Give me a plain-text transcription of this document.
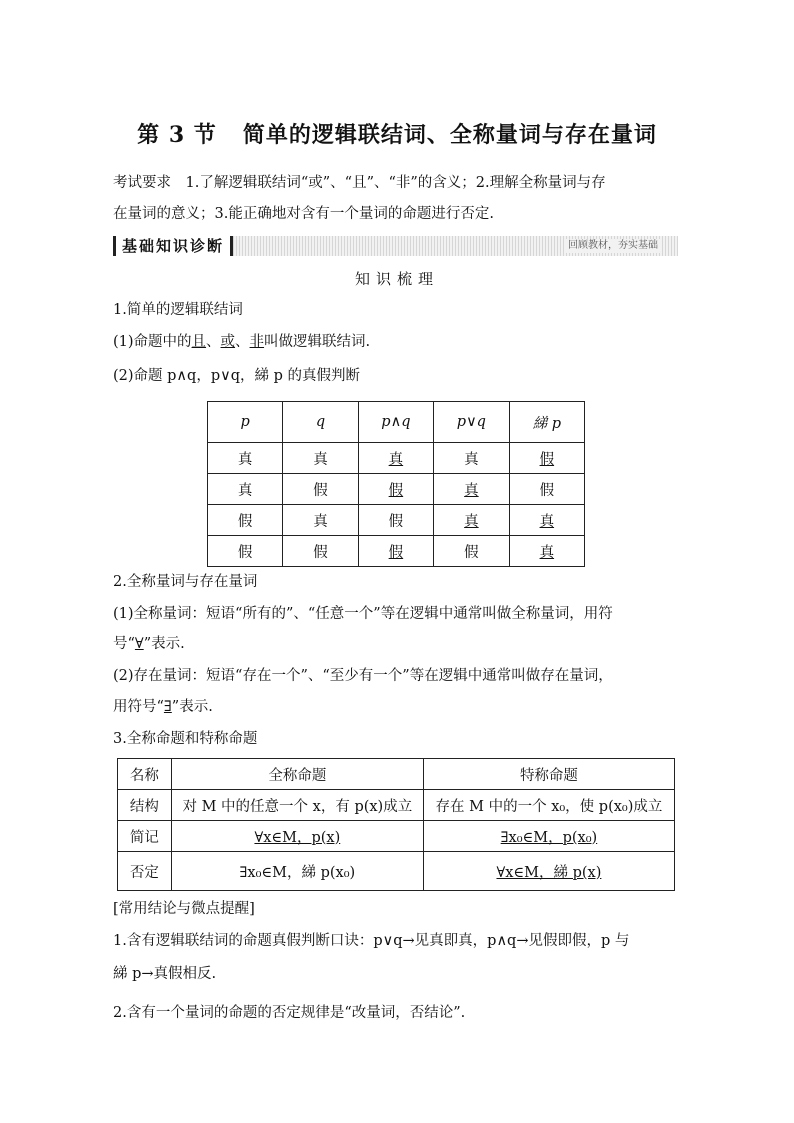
第 3 节 简单的逻辑联结词、全称量词与存在量词
考试要求　1.了解逻辑联结词“或”、“且”、“非”的含义；2.理解全称量词与存
在量词的意义；3.能正确地对含有一个量词的命题进行否定.
基础知识诊断	回顾教材，夯实基础
知识梳理
1.简单的逻辑联结词
(1)命题中的且、或、非叫做逻辑联结词.
(2)命题 p∧q，p∨q，綈 p 的真假判断
p	q	p∧q	p∨q	綈 p
真	真	真	真	假
真	假	假	真	假
假	真	假	真	真
假	假	假	假	真
2.全称量词与存在量词
(1)全称量词：短语“所有的”、“任意一个”等在逻辑中通常叫做全称量词，用符
号“∀”表示.
(2)存在量词：短语“存在一个”、“至少有一个”等在逻辑中通常叫做存在量词，
用符号“∃”表示.
3.全称命题和特称命题
名称	全称命题	特称命题
结构	对 M 中的任意一个 x，有 p(x)成立	存在 M 中的一个 x₀，使 p(x₀)成立
简记	∀x∈M，p(x)	∃x₀∈M，p(x₀)
否定	∃x₀∈M，綈 p(x₀)	∀x∈M，綈 p(x)
[常用结论与微点提醒]
1.含有逻辑联结词的命题真假判断口诀：p∨q→见真即真，p∧q→见假即假，p 与
綈 p→真假相反.
2.含有一个量词的命题的否定规律是“改量词，否结论”.
